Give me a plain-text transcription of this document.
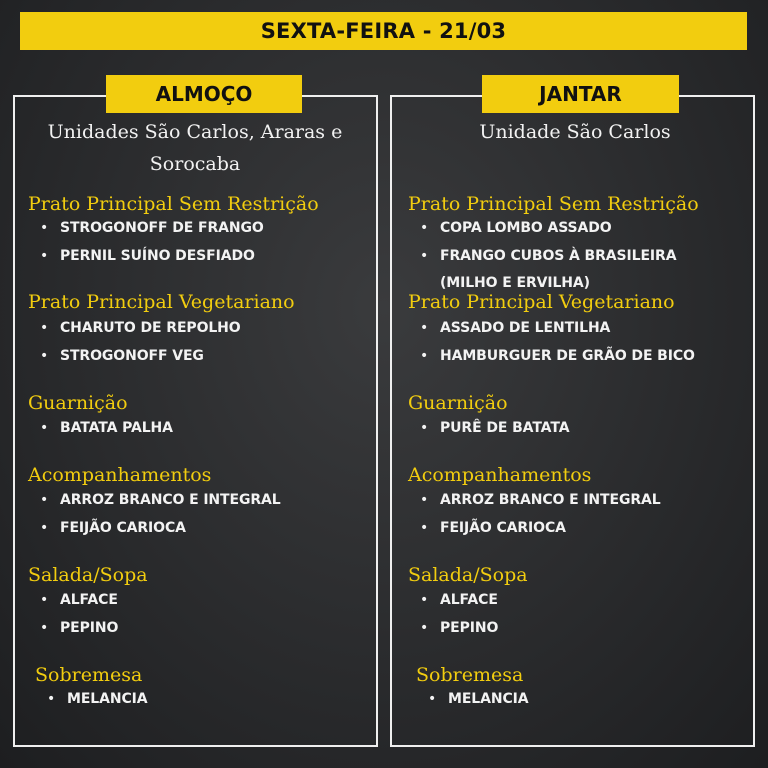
SEXTA-FEIRA - 21/03
ALMOÇO	JANTAR
Unidades São Carlos, Araras e
Sorocaba
Unidade São Carlos
Prato Principal Sem Restrição
• STROGONOFF DE FRANGO
• PERNIL SUÍNO DESFIADO
Prato Principal Vegetariano
• CHARUTO DE REPOLHO
• STROGONOFF VEG
Guarnição
• BATATA PALHA
Acompanhamentos
• ARROZ BRANCO E INTEGRAL
• FEIJÃO CARIOCA
Salada/Sopa
• ALFACE
• PEPINO
Sobremesa
• MELANCIA
Prato Principal Sem Restrição
• COPA LOMBO ASSADO
• FRANGO CUBOS À BRASILEIRA
(MILHO E ERVILHA)
Prato Principal Vegetariano
• ASSADO DE LENTILHA
• HAMBURGUER DE GRÃO DE BICO
Guarnição
• PURÊ DE BATATA
Acompanhamentos
• ARROZ BRANCO E INTEGRAL
• FEIJÃO CARIOCA
Salada/Sopa
• ALFACE
• PEPINO
Sobremesa
• MELANCIA
